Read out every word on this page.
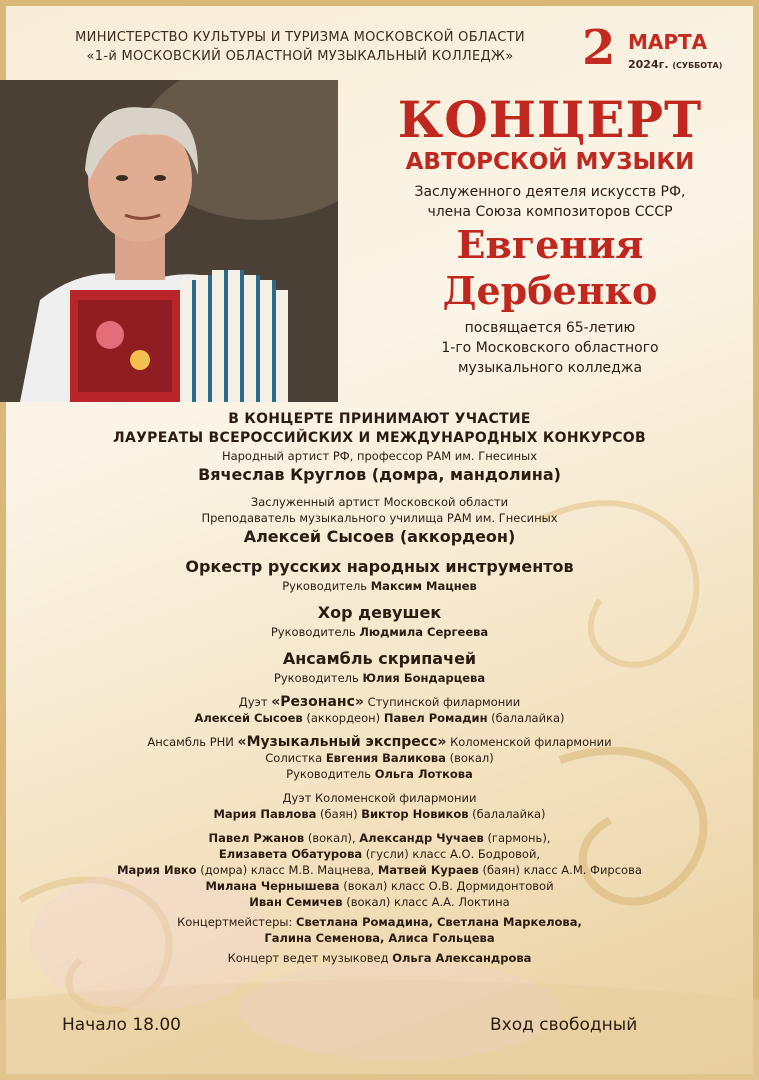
МИНИСТЕРСТВО КУЛЬТУРЫ И ТУРИЗМА МОСКОВСКОЙ ОБЛАСТИ
«1-й МОСКОВСКИЙ ОБЛАСТНОЙ МУЗЫКАЛЬНЫЙ КОЛЛЕДЖ»	2 МАРТА
2024г. (СУББОТА)
КОНЦЕРТ
АВТОРСКОЙ МУЗЫКИ
Заслуженного деятеля искусств РФ,
члена Союза композиторов СССР
Евгения
Дербенко
посвящается 65-летию
1-го Московского областного
музыкального колледжа
В КОНЦЕРТЕ ПРИНИМАЮТ УЧАСТИЕ
ЛАУРЕАТЫ ВСЕРОССИЙСКИХ И МЕЖДУНАРОДНЫХ КОНКУРСОВ
Народный артист РФ, профессор РАМ им. Гнесиных
Вячеслав Круглов (домра, мандолина)
Заслуженный артист Московской области
Преподаватель музыкального училища РАМ им. Гнесиных
Алексей Сысоев (аккордеон)
Оркестр русских народных инструментов
Руководитель Максим Мацнев
Хор девушек
Руководитель Людмила Сергеева
Ансамбль скрипачей
Руководитель Юлия Бондарцева
Дуэт «Резонанс» Ступинской филармонии
Алексей Сысоев (аккордеон) Павел Ромадин (балалайка)
Ансамбль РНИ «Музыкальный экспресс» Коломенской филармонии
Солистка Евгения Валикова (вокал)
Руководитель Ольга Лоткова
Дуэт Коломенской филармонии
Мария Павлова (баян) Виктор Новиков (балалайка)
Павел Ржанов (вокал), Александр Чучаев (гармонь),
Елизавета Обатурова (гусли) класс А.О. Бодровой,
Мария Ивко (домра) класс М.В. Мацнева, Матвей Кураев (баян) класс А.М. Фирсова
Милана Чернышева (вокал) класс О.В. Дормидонтовой
Иван Семичев (вокал) класс А.А. Локтина
Концертмейстеры: Светлана Ромадина, Светлана Маркелова,
Галина Семенова, Алиса Гольцева
Концерт ведет музыковед Ольга Александрова
Начало 18.00	Вход свободный
